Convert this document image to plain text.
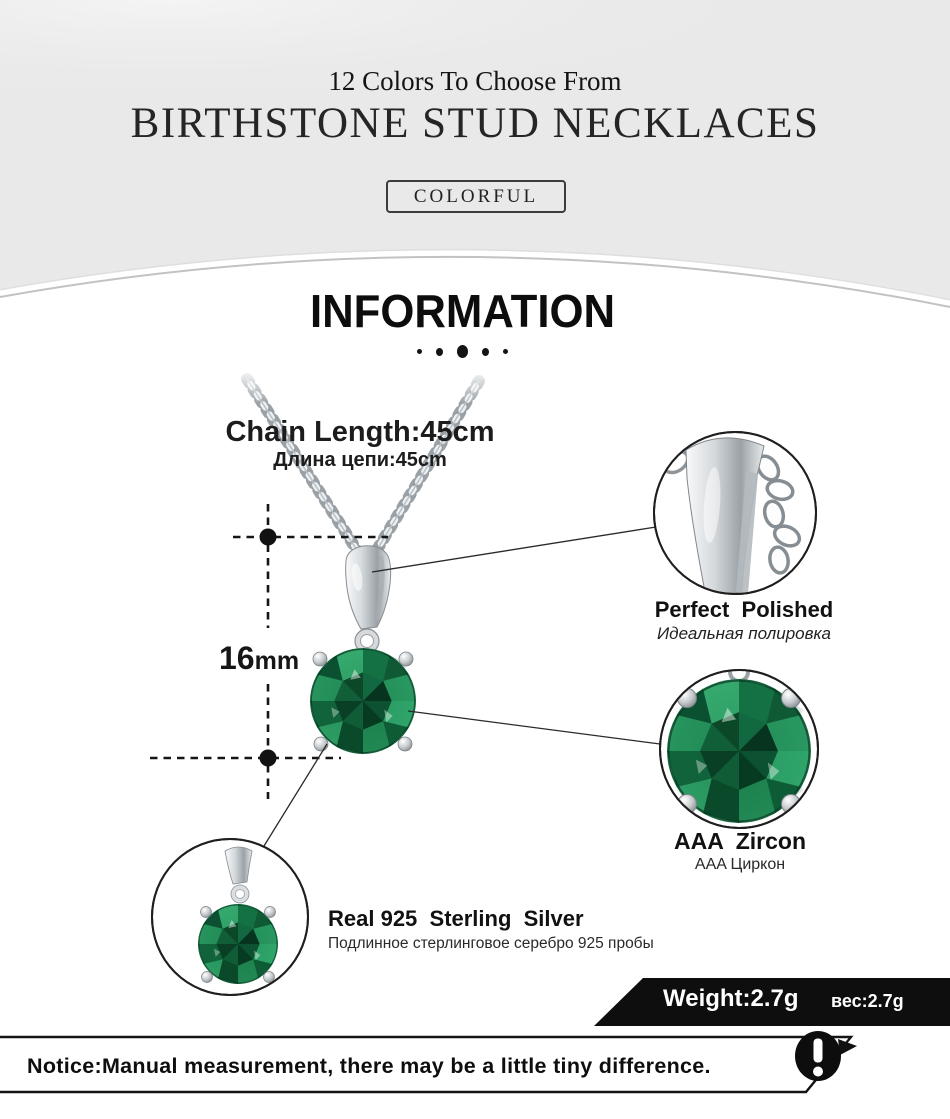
12 Colors To Choose From
BIRTHSTONE STUD NECKLACES
COLORFUL
INFORMATION
Chain Length:45cm
Длина цепи:45cm
16mm
Perfect  Polished
Идеальная полировка
AAA  Zircon
AAA Циркон
Real 925  Sterling  Silver
Подлинное стерлинговое серебро 925 пробы
Weight:2.7g вес:2.7g
Notice:Manual measurement, there may be a little tiny difference.
